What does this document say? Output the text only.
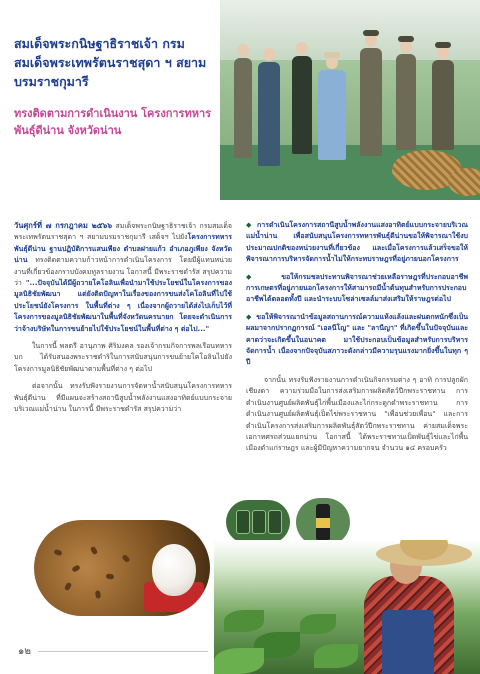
สมเด็จพระกนิษฐาธิราชเจ้า กรมสมเด็จพระเทพรัตนราชสุดา ฯ สยามบรมราชกุมารี
ทรงติดตามการดำเนินงาน โครงการทหารพันธุ์ดีน่าน จังหวัดน่าน

วันศุกร์ที่ ๗ กรกฎาคม ๒๕๖๖ สมเด็จพระกนิษฐาธิราชเจ้า กรมสมเด็จพระเทพรัตนราชสุดา ฯ สยามบรมราชกุมารี เสด็จฯ ไปยังโครงการทหารพันธุ์ดีน่าน ฐานปฏิบัติการแสนเพียง ตำบลฝายแก้ว อำเภอภูเพียง จังหวัดน่าน ทรงติดตามความก้าวหน้าการดำเนินโครงการ โดยมีผู้แทนหน่วยงานที่เกี่ยวข้องกราบบังคมทูลรายงาน โอกาสนี้ มีพระราชดำรัส สรุปความว่า "...ปัจจุบันได้มีผู้ถวายโคโอลินเพื่อนำมาใช้ประโยชน์ในโครงการของมูลนิธิชัยพัฒนา แต่ยังติดปัญหาในเรื่องของการขนส่งโคโอลินที่ไปใช้ประโยชน์ยังโครงการ ในพื้นที่ต่าง ๆ เนื่องจากผู้ถวายได้ส่งไปเก็บไว้ที่โครงการของมูลนิธิชัยพัฒนาในพื้นที่จังหวัดนครนายก โดยจะดำเนินการว่าจ้างบริษัทในการขนย้ายไปใช้ประโยชน์ในพื้นที่ต่าง ๆ ต่อไป..."

ในการนี้ พลตรี อานุภาพ ศิริมงคล รองเจ้ากรมกิจการพลเรือนทหารบก ได้รับสนองพระราชดำริในการสนับสนุนการขนย้ายโคโอลินไปยังโครงการมูลนิธิชัยพัฒนาตามพื้นที่ต่าง ๆ ต่อไป

ต่อจากนั้น ทรงรับฟังรายงานการจัดหาน้ำสนับสนุนโครงการทหารพันธุ์ดีน่าน ที่มีแผนจะสร้างสถานีสูบน้ำพลังงานแสงอาทิตย์แบบกระจายบริเวณแม่น้ำน่าน ในการนี้ มีพระราชดำรัส สรุปความว่า

◆ การดำเนินโครงการสถานีสูบน้ำพลังงานแสงอาทิตย์แบบกระจายบริเวณแม่น้ำน่าน เพื่อสนับสนุนโครงการทหารพันธุ์ดีน่านขอให้พิจารณาใช้งบประมาณปกติของหน่วยงานที่เกี่ยวข้อง และเมื่อโครงการแล้วเสร็จขอให้พิจารณาการบริหารจัดการน้ำไม่ให้กระทบราษฎรที่อยู่ภายนอกโครงการ

◆ ขอให้กรมชลประทานพิจารณาช่วยเหลือราษฎรที่ประกอบอาชีพการเกษตรที่อยู่ภายนอกโครงการให้สามารถมีน้ำต้นทุนสำหรับการประกอบอาชีพได้ตลอดทั้งปี และนำระบบโซล่าเซลล์มาส่งเสริมให้ราษฎรต่อไป

◆ ขอให้พิจารณานำข้อมูลสถานการณ์ความแห้งแล้งและฝนตกหนักซึ่งเป็นผลมาจากปรากฏการณ์ "เอลนีโญ" และ "ลานีญา" ที่เกิดขึ้นในปัจจุบันและคาดว่าจะเกิดขึ้นในอนาคต มาใช้ประกอบเป็นข้อมูลสำหรับการบริหารจัดการน้ำ เนื่องจากปัจจุบันสภาวะดังกล่าวมีความรุนแรงมากยิ่งขึ้นในทุก ๆ ปี

จากนั้น ทรงรับฟังรายงานการดำเนินกิจกรรมต่าง ๆ อาทิ การปลูกผักเชียงดา ความร่วมมือในการส่งเสริมการผลิตสัตว์ปีกพระราชทาน การดำเนินงานศูนย์ผลิตพันธุ์ไก่พื้นเมืองและไก่กระดูกดำพระราชทาน การดำเนินงานศูนย์ผลิตพันธุ์เป็ดไข่พระราชทาน "เพื่อนช่วยเพื่อน" และการดำเนินโครงการส่งเสริมการผลิตพันธุ์สัตว์ปีกพระราชทาน ค่ายสมเด็จพระเอกาทศรถส่วนแยกน่าน โอกาสนี้ ได้พระราชทานเป็ดพันธุ์ไข่และไก่พื้นเมืองดำแก่ราษฎร และผู้มีปัญหาความยากจน จำนวน ๑๔ ครอบครัว

๑๒
